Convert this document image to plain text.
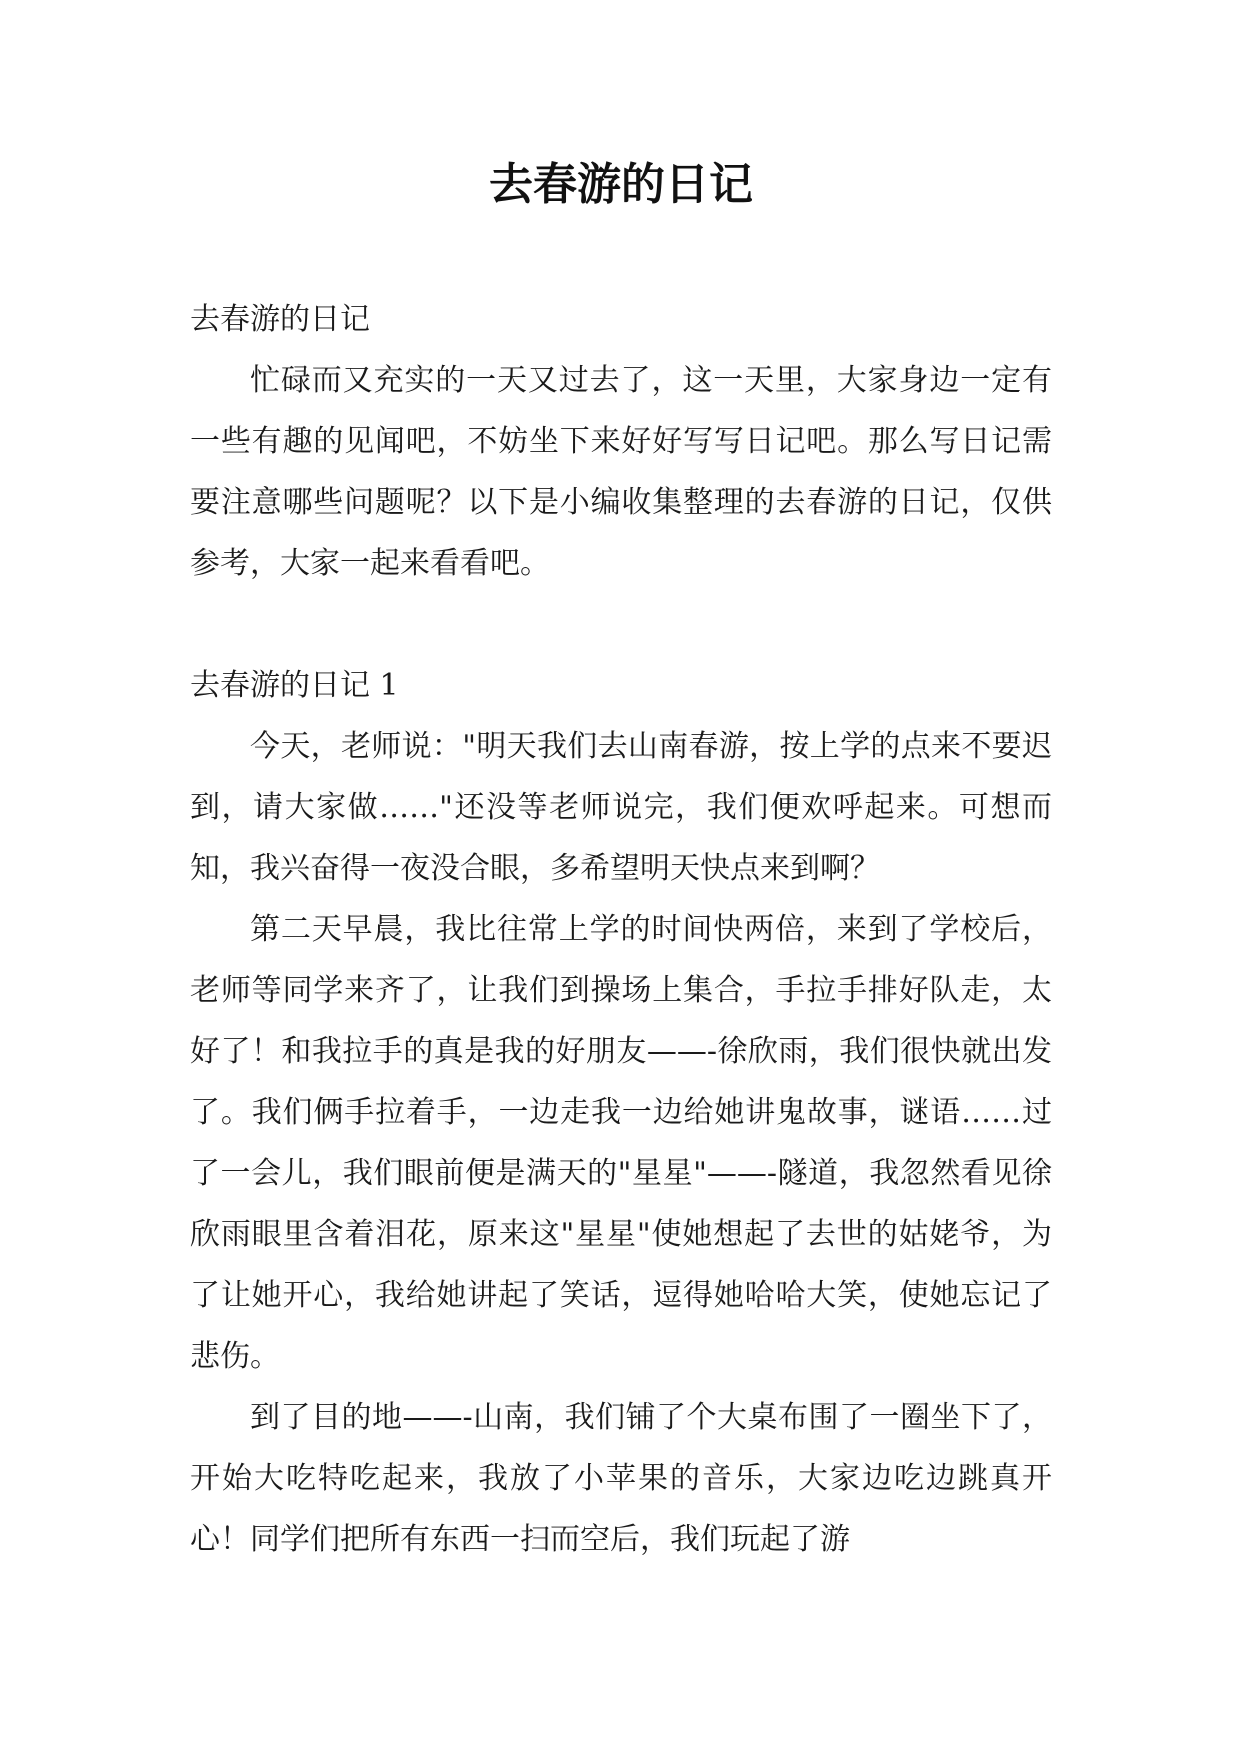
去春游的日记
去春游的日记

忙碌而又充实的一天又过去了，这一天里，大家身边一定有一些有趣的见闻吧，不妨坐下来好好写写日记吧。那么写日记需要注意哪些问题呢？以下是小编收集整理的去春游的日记，仅供参考，大家一起来看看吧。

去春游的日记 1

今天，老师说："明天我们去山南春游，按上学的点来不要迟到，请大家做……"还没等老师说完，我们便欢呼起来。可想而知，我兴奋得一夜没合眼，多希望明天快点来到啊？

第二天早晨，我比往常上学的时间快两倍，来到了学校后，老师等同学来齐了，让我们到操场上集合，手拉手排好队走，太好了！和我拉手的真是我的好朋友——-徐欣雨，我们很快就出发了。我们俩手拉着手，一边走我一边给她讲鬼故事，谜语……过了一会儿，我们眼前便是满天的"星星"——-隧道，我忽然看见徐欣雨眼里含着泪花，原来这"星星"使她想起了去世的姑姥爷，为了让她开心，我给她讲起了笑话，逗得她哈哈大笑，使她忘记了悲伤。

到了目的地——-山南，我们铺了个大桌布围了一圈坐下了，开始大吃特吃起来，我放了小苹果的音乐，大家边吃边跳真开心！同学们把所有东西一扫而空后，我们玩起了游
